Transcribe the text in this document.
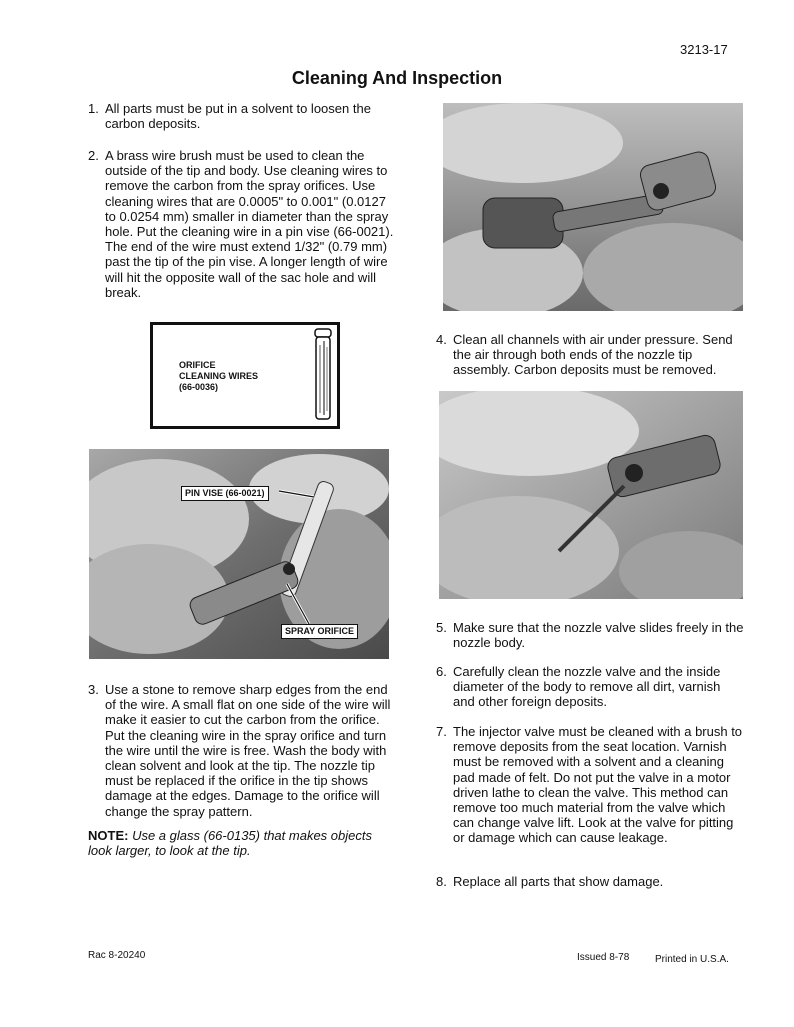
3213-17
Cleaning And Inspection
1. All parts must be put in a solvent to loosen the carbon deposits.
2. A brass wire brush must be used to clean the outside of the tip and body. Use cleaning wires to remove the carbon from the spray orifices. Use cleaning wires that are 0.0005" to 0.001" (0.0127 to 0.0254 mm) smaller in diameter than the spray hole. Put the cleaning wire in a pin vise (66-0021). The end of the wire must extend 1/32" (0.79 mm) past the tip of the pin vise. A longer length of wire will hit the opposite wall of the sac hole and will break.
ORIFICE
CLEANING WIRES
(66-0036)
PIN VISE (66-0021)
SPRAY ORIFICE
3. Use a stone to remove sharp edges from the end of the wire. A small flat on one side of the wire will make it easier to cut the carbon from the orifice. Put the cleaning wire in the spray orifice and turn the wire until the wire is free. Wash the body with clean solvent and look at the tip. The nozzle tip must be replaced if the orifice in the tip shows damage at the edges. Damage to the orifice will change the spray pattern.
NOTE: Use a glass (66-0135) that makes objects look larger, to look at the tip.
4. Clean all channels with air under pressure. Send the air through both ends of the nozzle tip assembly. Carbon deposits must be removed.
5. Make sure that the nozzle valve slides freely in the nozzle body.
6. Carefully clean the nozzle valve and the inside diameter of the body to remove all dirt, varnish and other foreign deposits.
7. The injector valve must be cleaned with a brush to remove deposits from the seat location. Varnish must be removed with a solvent and a cleaning pad made of felt. Do not put the valve in a motor driven lathe to clean the valve. This method can remove too much material from the valve which can change valve lift. Look at the valve for pitting or damage which can cause leakage.
8. Replace all parts that show damage.
Rac 8-20240	Issued 8-78	Printed in U.S.A.
